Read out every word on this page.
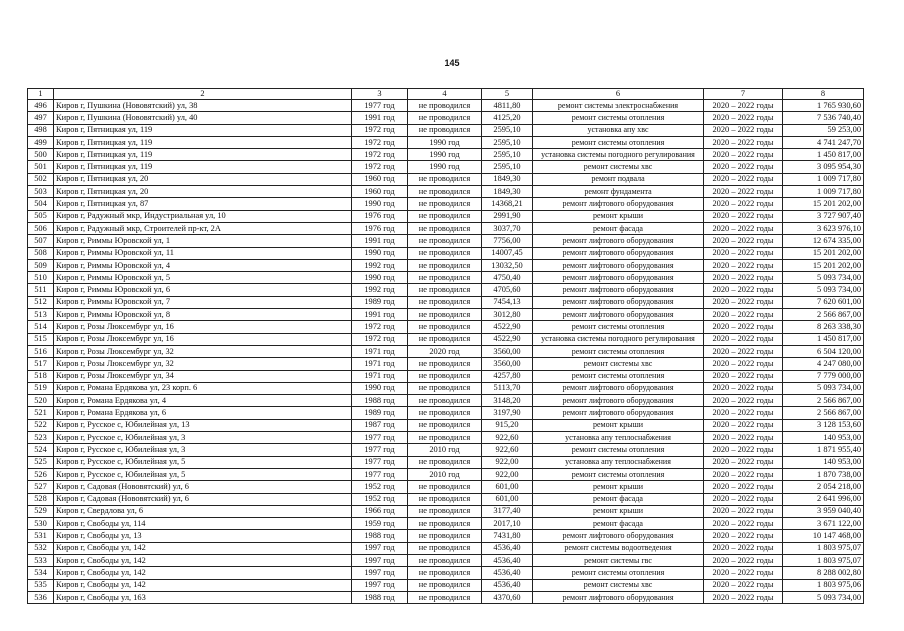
145
1	2	3	4	5	6	7	8
496	Киров г, Пушкина (Нововятский) ул, 38	1977 год	не проводился	4811,80	ремонт системы электроснабжения	2020 – 2022 годы	1 765 930,60
497	Киров г, Пушкина (Нововятский) ул, 40	1991 год	не проводился	4125,20	ремонт системы отопления	2020 – 2022 годы	7 536 740,40
498	Киров г, Пятницкая ул, 119	1972 год	не проводился	2595,10	установка апу хвс	2020 – 2022 годы	59 253,00
499	Киров г, Пятницкая ул, 119	1972 год	1990 год	2595,10	ремонт системы отопления	2020 – 2022 годы	4 741 247,70
500	Киров г, Пятницкая ул, 119	1972 год	1990 год	2595,10	установка системы погодного регулирования	2020 – 2022 годы	1 450 817,00
501	Киров г, Пятницкая ул, 119	1972 год	1990 год	2595,10	ремонт системы хвс	2020 – 2022 годы	3 095 954,30
502	Киров г, Пятницкая ул, 20	1960 год	не проводился	1849,30	ремонт подвала	2020 – 2022 годы	1 009 717,80
503	Киров г, Пятницкая ул, 20	1960 год	не проводился	1849,30	ремонт фундамента	2020 – 2022 годы	1 009 717,80
504	Киров г, Пятницкая ул, 87	1990 год	не проводился	14368,21	ремонт лифтового оборудования	2020 – 2022 годы	15 201 202,00
505	Киров г, Радужный мкр, Индустриальная ул, 10	1976 год	не проводился	2991,90	ремонт крыши	2020 – 2022 годы	3 727 907,40
506	Киров г, Радужный мкр, Строителей пр-кт, 2А	1976 год	не проводился	3037,70	ремонт фасада	2020 – 2022 годы	3 623 976,10
507	Киров г, Риммы Юровской ул, 1	1991 год	не проводился	7756,00	ремонт лифтового оборудования	2020 – 2022 годы	12 674 335,00
508	Киров г, Риммы Юровской ул, 11	1990 год	не проводился	14007,45	ремонт лифтового оборудования	2020 – 2022 годы	15 201 202,00
509	Киров г, Риммы Юровской ул, 4	1992 год	не проводился	13032,50	ремонт лифтового оборудования	2020 – 2022 годы	15 201 202,00
510	Киров г, Риммы Юровской ул, 5	1990 год	не проводился	4750,40	ремонт лифтового оборудования	2020 – 2022 годы	5 093 734,00
511	Киров г, Риммы Юровской ул, 6	1992 год	не проводился	4705,60	ремонт лифтового оборудования	2020 – 2022 годы	5 093 734,00
512	Киров г, Риммы Юровской ул, 7	1989 год	не проводился	7454,13	ремонт лифтового оборудования	2020 – 2022 годы	7 620 601,00
513	Киров г, Риммы Юровской ул, 8	1991 год	не проводился	3012,80	ремонт лифтового оборудования	2020 – 2022 годы	2 566 867,00
514	Киров г, Розы Люксембург ул, 16	1972 год	не проводился	4522,90	ремонт системы отопления	2020 – 2022 годы	8 263 338,30
515	Киров г, Розы Люксембург ул, 16	1972 год	не проводился	4522,90	установка системы погодного регулирования	2020 – 2022 годы	1 450 817,00
516	Киров г, Розы Люксембург ул, 32	1971 год	2020 год	3560,00	ремонт системы отопления	2020 – 2022 годы	6 504 120,00
517	Киров г, Розы Люксембург ул, 32	1971 год	не проводился	3560,00	ремонт системы хвс	2020 – 2022 годы	4 247 080,00
518	Киров г, Розы Люксембург ул, 34	1971 год	не проводился	4257,80	ремонт системы отопления	2020 – 2022 годы	7 779 000,00
519	Киров г, Романа Ердякова ул, 23 корп. 6	1990 год	не проводился	5113,70	ремонт лифтового оборудования	2020 – 2022 годы	5 093 734,00
520	Киров г, Романа Ердякова ул, 4	1988 год	не проводился	3148,20	ремонт лифтового оборудования	2020 – 2022 годы	2 566 867,00
521	Киров г, Романа Ердякова ул, 6	1989 год	не проводился	3197,90	ремонт лифтового оборудования	2020 – 2022 годы	2 566 867,00
522	Киров г, Русское с, Юбилейная ул, 13	1987 год	не проводился	915,20	ремонт крыши	2020 – 2022 годы	3 128 153,60
523	Киров г, Русское с, Юбилейная ул, 3	1977 год	не проводился	922,60	установка апу теплоснабжения	2020 – 2022 годы	140 953,00
524	Киров г, Русское с, Юбилейная ул, 3	1977 год	2010 год	922,60	ремонт системы отопления	2020 – 2022 годы	1 871 955,40
525	Киров г, Русское с, Юбилейная ул, 5	1977 год	не проводился	922,00	установка апу теплоснабжения	2020 – 2022 годы	140 953,00
526	Киров г, Русское с, Юбилейная ул, 5	1977 год	2010 год	922,00	ремонт системы отопления	2020 – 2022 годы	1 870 738,00
527	Киров г, Садовая (Нововятский) ул, 6	1952 год	не проводился	601,00	ремонт крыши	2020 – 2022 годы	2 054 218,00
528	Киров г, Садовая (Нововятский) ул, 6	1952 год	не проводился	601,00	ремонт фасада	2020 – 2022 годы	2 641 996,00
529	Киров г, Свердлова ул, 6	1966 год	не проводился	3177,40	ремонт крыши	2020 – 2022 годы	3 959 040,40
530	Киров г, Свободы ул, 114	1959 год	не проводился	2017,10	ремонт фасада	2020 – 2022 годы	3 671 122,00
531	Киров г, Свободы ул, 13	1988 год	не проводился	7431,80	ремонт лифтового оборудования	2020 – 2022 годы	10 147 468,00
532	Киров г, Свободы ул, 142	1997 год	не проводился	4536,40	ремонт системы водоотведения	2020 – 2022 годы	1 803 975,07
533	Киров г, Свободы ул, 142	1997 год	не проводился	4536,40	ремонт системы гвс	2020 – 2022 годы	1 803 975,07
534	Киров г, Свободы ул, 142	1997 год	не проводился	4536,40	ремонт системы отопления	2020 – 2022 годы	8 288 002,80
535	Киров г, Свободы ул, 142	1997 год	не проводился	4536,40	ремонт системы хвс	2020 – 2022 годы	1 803 975,06
536	Киров г, Свободы ул, 163	1988 год	не проводился	4370,60	ремонт лифтового оборудования	2020 – 2022 годы	5 093 734,00
